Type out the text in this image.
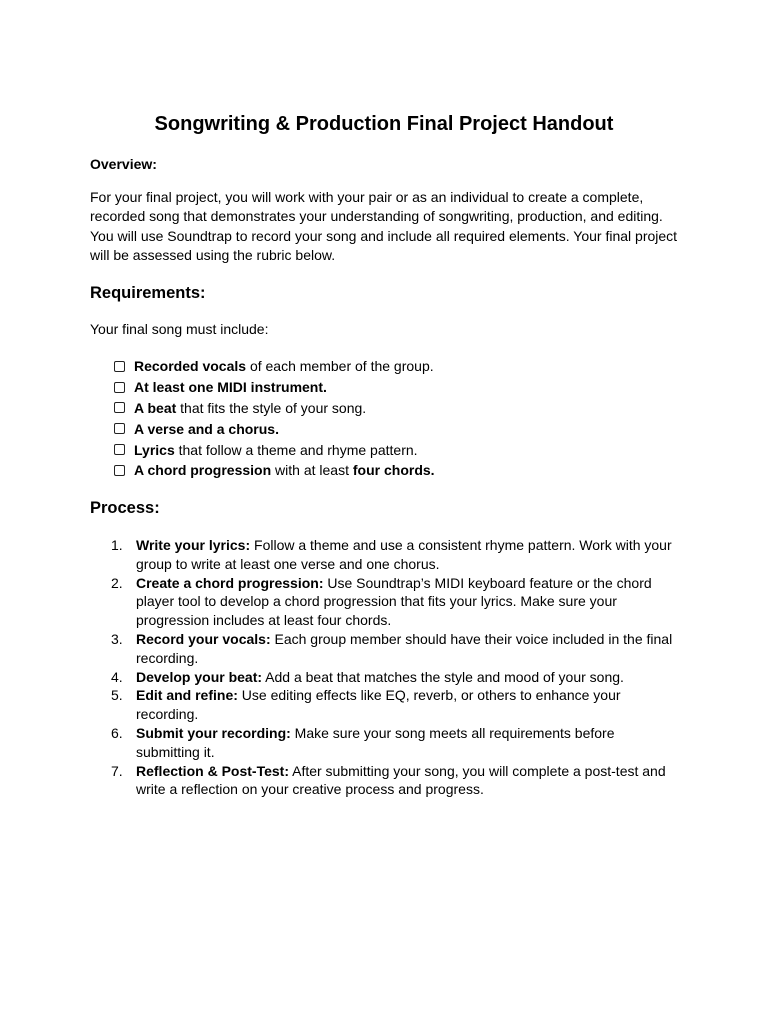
Songwriting & Production Final Project Handout

Overview:

For your final project, you will work with your pair or as an individual to create a complete, recorded song that demonstrates your understanding of songwriting, production, and editing. You will use Soundtrap to record your song and include all required elements. Your final project will be assessed using the rubric below.

Requirements:

Your final song must include:

Recorded vocals of each member of the group.
At least one MIDI instrument.
A beat that fits the style of your song.
A verse and a chorus.
Lyrics that follow a theme and rhyme pattern.
A chord progression with at least four chords.
Process:
1. Write your lyrics: Follow a theme and use a consistent rhyme pattern. Work with your group to write at least one verse and one chorus.
2. Create a chord progression: Use Soundtrap’s MIDI keyboard feature or the chord player tool to develop a chord progression that fits your lyrics. Make sure your progression includes at least four chords.
3. Record your vocals: Each group member should have their voice included in the final recording.
4. Develop your beat: Add a beat that matches the style and mood of your song.
5. Edit and refine: Use editing effects like EQ, reverb, or others to enhance your recording.
6. Submit your recording: Make sure your song meets all requirements before submitting it.
7. Reflection & Post-Test: After submitting your song, you will complete a post-test and write a reflection on your creative process and progress.
